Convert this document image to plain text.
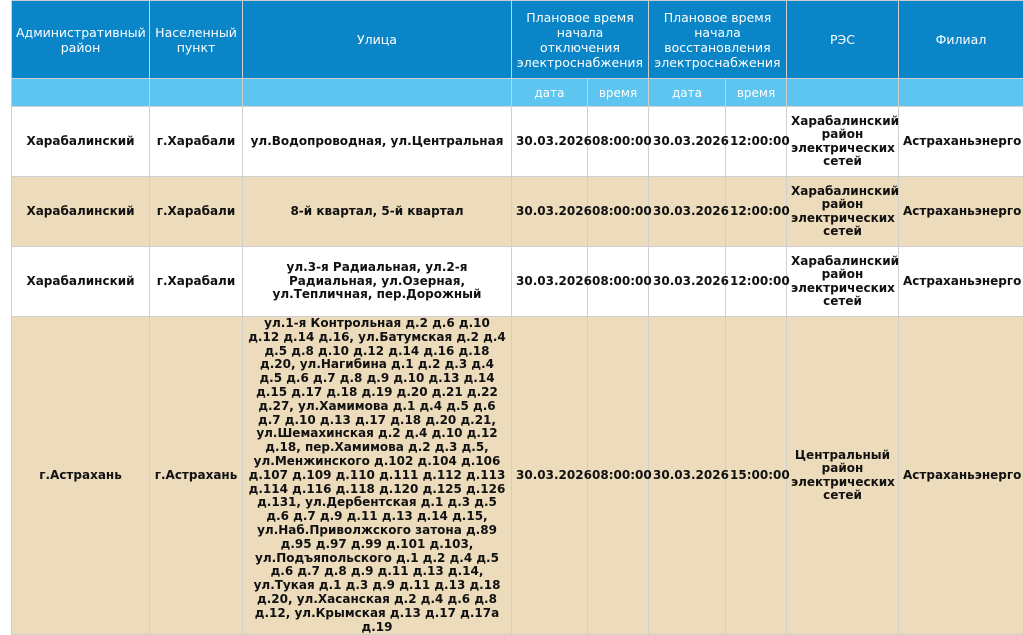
Административный район	Населенный пункт	Улица	Плановое время начала отключения электроснабжения		Плановое время начала восстановления электроснабжения		РЭС	Филиал
			дата	время	дата	время		
Харабалинский	г.Харабали	ул.Водопроводная, ул.Центральная	30.03.2026	08:00:00	30.03.2026	12:00:00	Харабалинский район электрических сетей	Астраханьэнерго
Харабалинский	г.Харабали	8-й квартал, 5-й квартал	30.03.2026	08:00:00	30.03.2026	12:00:00	Харабалинский район электрических сетей	Астраханьэнерго
Харабалинский	г.Харабали	ул.3-я Радиальная, ул.2-я Радиальная, ул.Озерная, ул.Тепличная, пер.Дорожный	30.03.2026	08:00:00	30.03.2026	12:00:00	Харабалинский район электрических сетей	Астраханьэнерго
г.Астрахань	г.Астрахань	ул.1-я Контрольная д.2 д.6 д.10 д.12 д.14 д.16, ул.Батумская д.2 д.4 д.5 д.8 д.10 д.12 д.14 д.16 д.18 д.20, ул.Нагибина д.1 д.2 д.3 д.4 д.5 д.6 д.7 д.8 д.9 д.10 д.13 д.14 д.15 д.17 д.18 д.19 д.20 д.21 д.22 д.27, ул.Хамимова д.1 д.4 д.5 д.6 д.7 д.10 д.13 д.17 д.18 д.20 д.21, ул.Шемахинская д.2 д.4 д.10 д.12 д.18, пер.Хамимова д.2 д.3 д.5, ул.Менжинского д.102 д.104 д.106 д.107 д.109 д.110 д.111 д.112 д.113 д.114 д.116 д.118 д.120 д.125 д.126 д.131, ул.Дербентская д.1 д.3 д.5 д.6 д.7 д.9 д.11 д.13 д.14 д.15, ул.Наб.Приволжского затона д.89 д.95 д.97 д.99 д.101 д.103, ул.Подъяпольского д.1 д.2 д.4 д.5 д.6 д.7 д.8 д.9 д.11 д.13 д.14, ул.Тукая д.1 д.3 д.9 д.11 д.13 д.18 д.20, ул.Хасанская д.2 д.4 д.6 д.8 д.12, ул.Крымская д.13 д.17 д.17а д.19	30.03.2026	08:00:00	30.03.2026	15:00:00	Центральный район электрических сетей	Астраханьэнерго
